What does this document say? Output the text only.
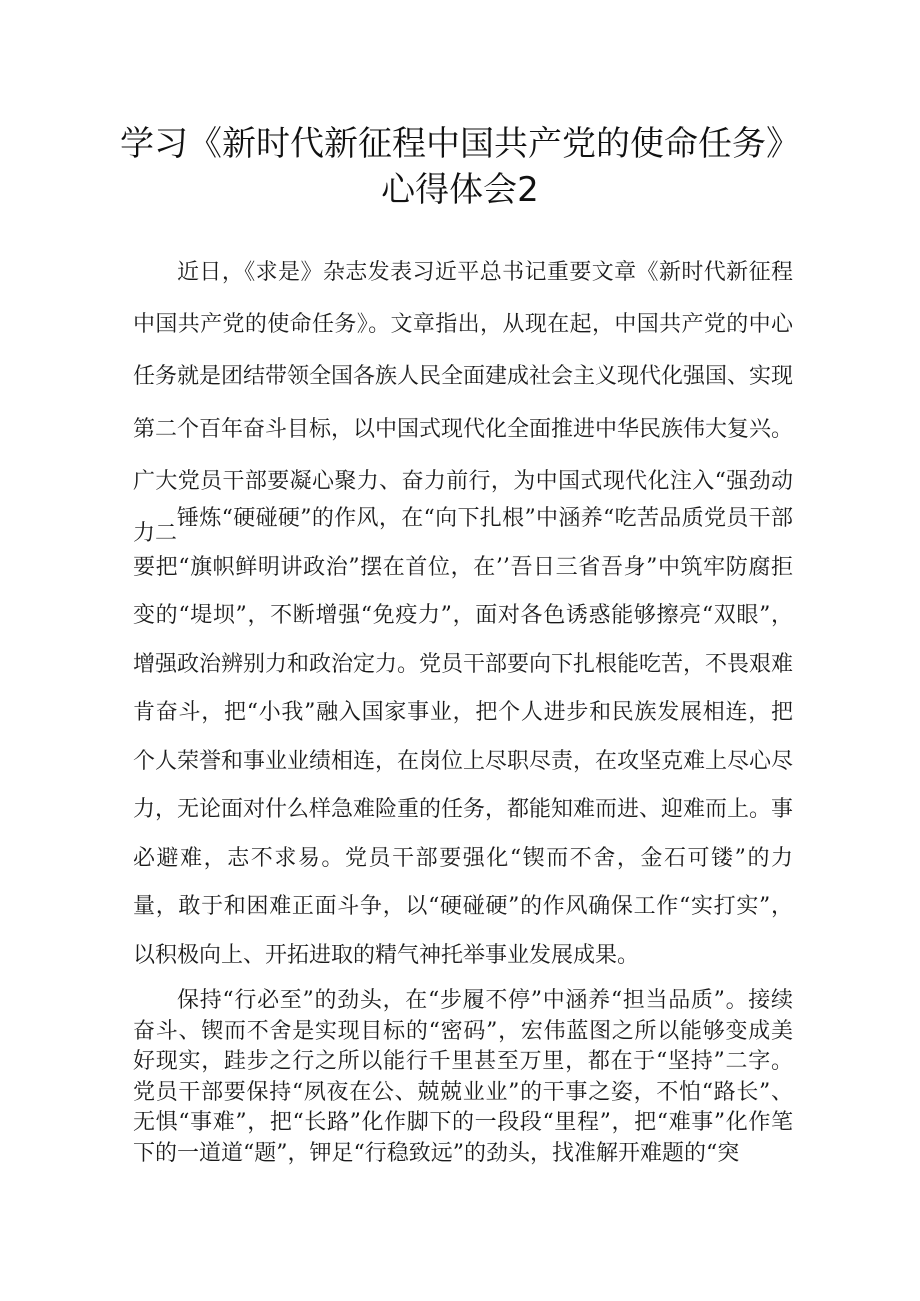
学习《新时代新征程中国共产党的使命任务》
心得体会2

近日，《求是》杂志发表习近平总书记重要文章《新时代新征程中国共产党的使命任务》。文章指出，从现在起，中国共产党的中心任务就是团结带领全国各族人民全面建成社会主义现代化强国、实现第二个百年奋斗目标，以中国式现代化全面推进中华民族伟大复兴。广大党员干部要凝心聚力、奋力前行，为中国式现代化注入“强劲动力二

锤炼“硬碰硬”的作风，在“向下扎根”中涵养“吃苦品质党员干部要把“旗帜鲜明讲政治”摆在首位，在’’吾日三省吾身”中筑牢防腐拒变的“堤坝”，不断增强“免疫力”，面对各色诱惑能够擦亮“双眼”，增强政治辨别力和政治定力。党员干部要向下扎根能吃苦，不畏艰难肯奋斗，把“小我”融入国家事业，把个人进步和民族发展相连，把个人荣誉和事业业绩相连，在岗位上尽职尽责，在攻坚克难上尽心尽力，无论面对什么样急难险重的任务，都能知难而进、迎难而上。事必避难，志不求易。党员干部要强化“锲而不舍，金石可镂”的力量，敢于和困难正面斗争，以“硬碰硬”的作风确保工作“实打实”，以积极向上、开拓进取的精气神托举事业发展成果。

保持“行必至”的劲头，在“步履不停”中涵养“担当品质”。接续奋斗、锲而不舍是实现目标的“密码”，宏伟蓝图之所以能够变成美好现实，跬步之行之所以能行千里甚至万里，都在于“坚持”二字。党员干部要保持“夙夜在公、兢兢业业”的干事之姿，不怕“路长”、无惧“事难”，把“长路”化作脚下的一段段“里程”，把“难事”化作笔下的一道道“题”，钾足“行稳致远”的劲头，找准解开难题的“突
